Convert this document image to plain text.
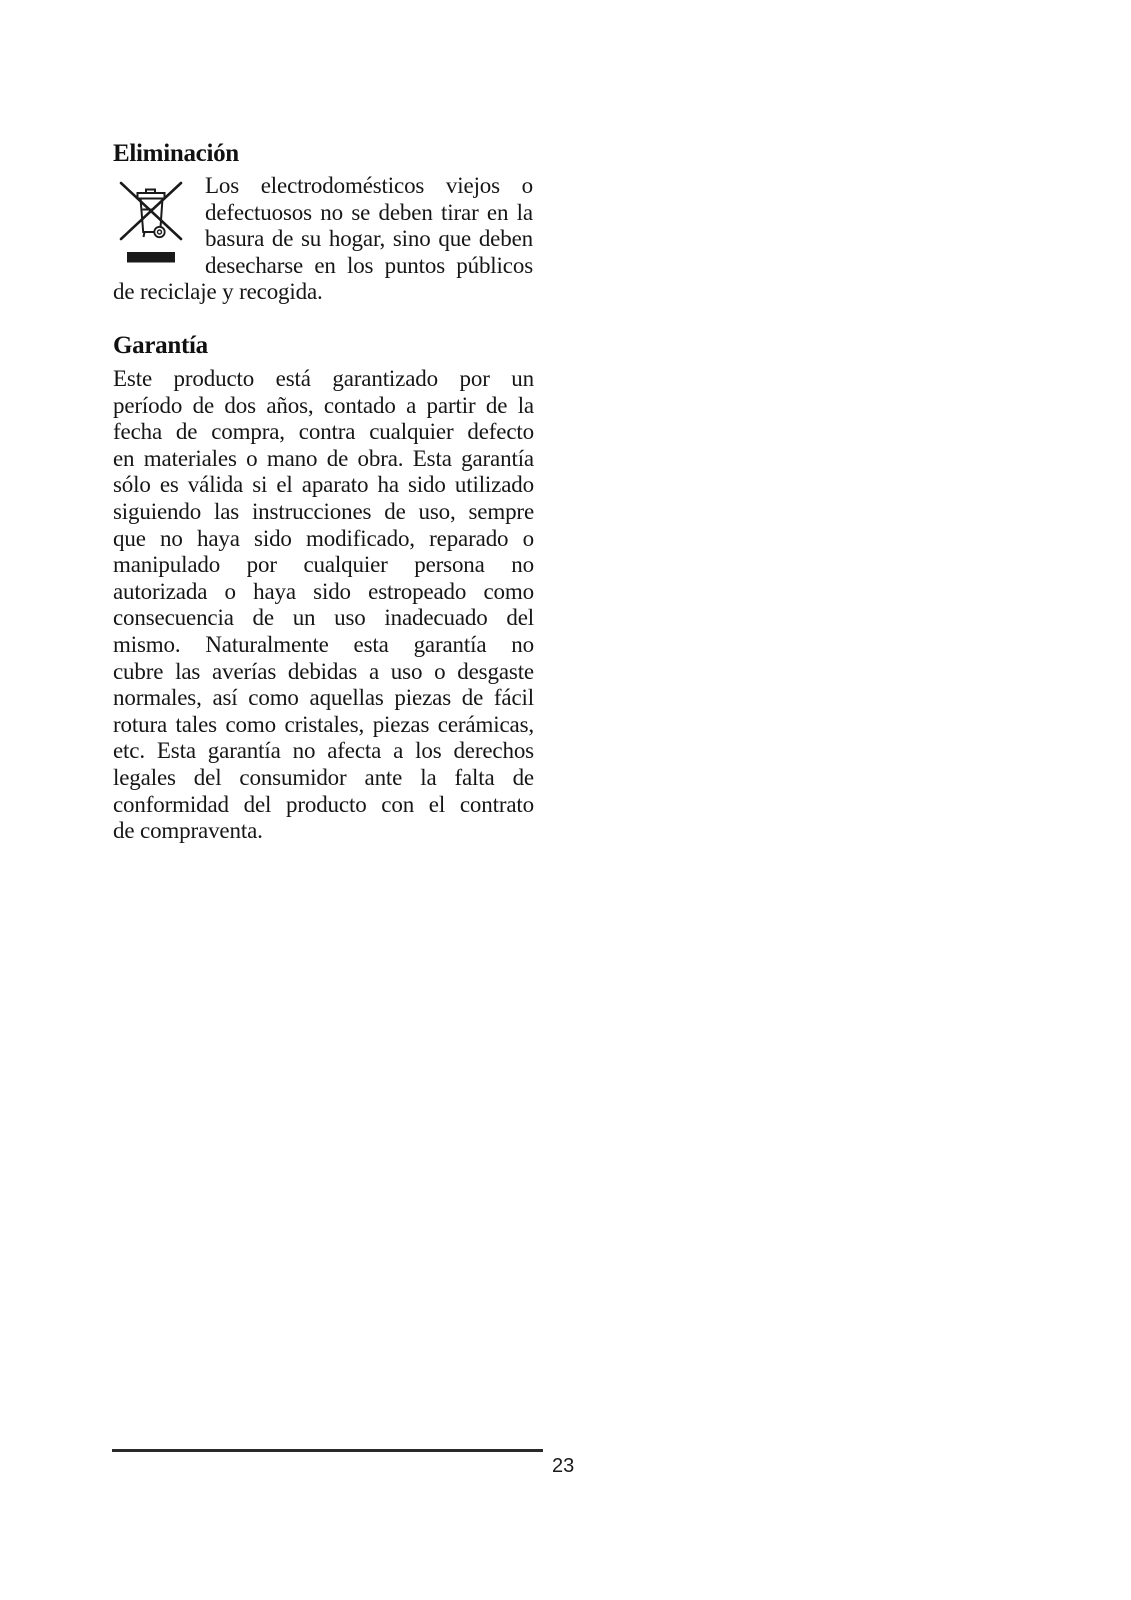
Eliminación
Los electrodomésticos viejos o
defectuosos no se deben tirar en la
basura de su hogar, sino que deben
desecharse en los puntos públicos
de reciclaje y recogida.
Garantía
Este producto está garantizado por un
período de dos años, contado a partir de la
fecha de compra, contra cualquier defecto
en materiales o mano de obra. Esta garantía
sólo es válida si el aparato ha sido utilizado
siguiendo las instrucciones de uso, sempre
que no haya sido modificado, reparado o
manipulado por cualquier persona no
autorizada o haya sido estropeado como
consecuencia de un uso inadecuado del
mismo. Naturalmente esta garantía no
cubre las averías debidas a uso o desgaste
normales, así como aquellas piezas de fácil
rotura tales como cristales, piezas cerámicas,
etc. Esta garantía no afecta a los derechos
legales del consumidor ante la falta de
conformidad del producto con el contrato
de compraventa.
23
